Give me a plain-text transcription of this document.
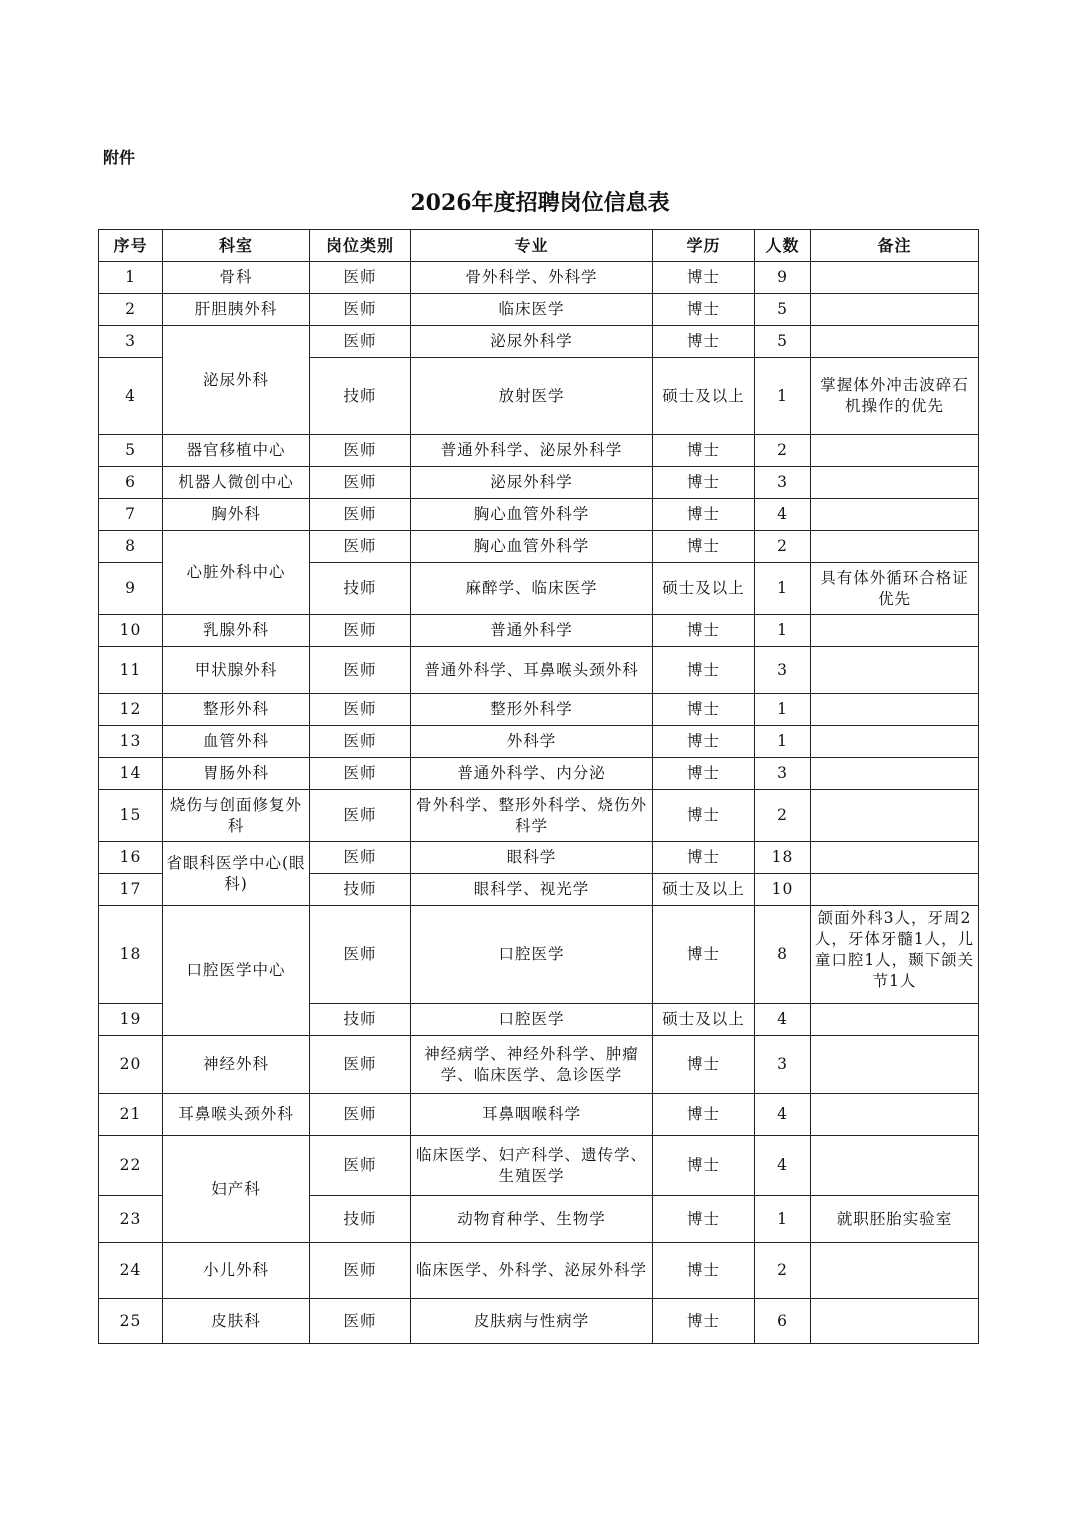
附件
2026年度招聘岗位信息表
序号	科室	岗位类别	专业	学历	人数	备注
1	骨科	医师	骨外科学、外科学	博士	9	
2	肝胆胰外科	医师	临床医学	博士	5	
3	泌尿外科	医师	泌尿外科学	博士	5	
4		技师	放射医学	硕士及以上	1	掌握体外冲击波碎石机操作的优先
5	器官移植中心	医师	普通外科学、泌尿外科学	博士	2	
6	机器人微创中心	医师	泌尿外科学	博士	3	
7	胸外科	医师	胸心血管外科学	博士	4	
8	心脏外科中心	医师	胸心血管外科学	博士	2	
9		技师	麻醉学、临床医学	硕士及以上	1	具有体外循环合格证优先
10	乳腺外科	医师	普通外科学	博士	1	
11	甲状腺外科	医师	普通外科学、耳鼻喉头颈外科	博士	3	
12	整形外科	医师	整形外科学	博士	1	
13	血管外科	医师	外科学	博士	1	
14	胃肠外科	医师	普通外科学、内分泌	博士	3	
15	烧伤与创面修复外科	医师	骨外科学、整形外科学、烧伤外科学	博士	2	
16	省眼科医学中心(眼科)	医师	眼科学	博士	18	
17		技师	眼科学、视光学	硕士及以上	10	
18	口腔医学中心	医师	口腔医学	博士	8	颌面外科3人，牙周2人，牙体牙髓1人，儿童口腔1人，颞下颌关节1人

19		技师	口腔医学	硕士及以上	4	
20	神经外科	医师	神经病学、神经外科学、肿瘤学、临床医学、急诊医学	博士	3	
21	耳鼻喉头颈外科	医师	耳鼻咽喉科学	博士	4	
22	妇产科	医师	临床医学、妇产科学、遗传学、生殖医学	博士	4	
23		技师	动物育种学、生物学	博士	1	就职胚胎实验室
24	小儿外科	医师	临床医学、外科学、泌尿外科学	博士	2	
25	皮肤科	医师	皮肤病与性病学	博士	6	
